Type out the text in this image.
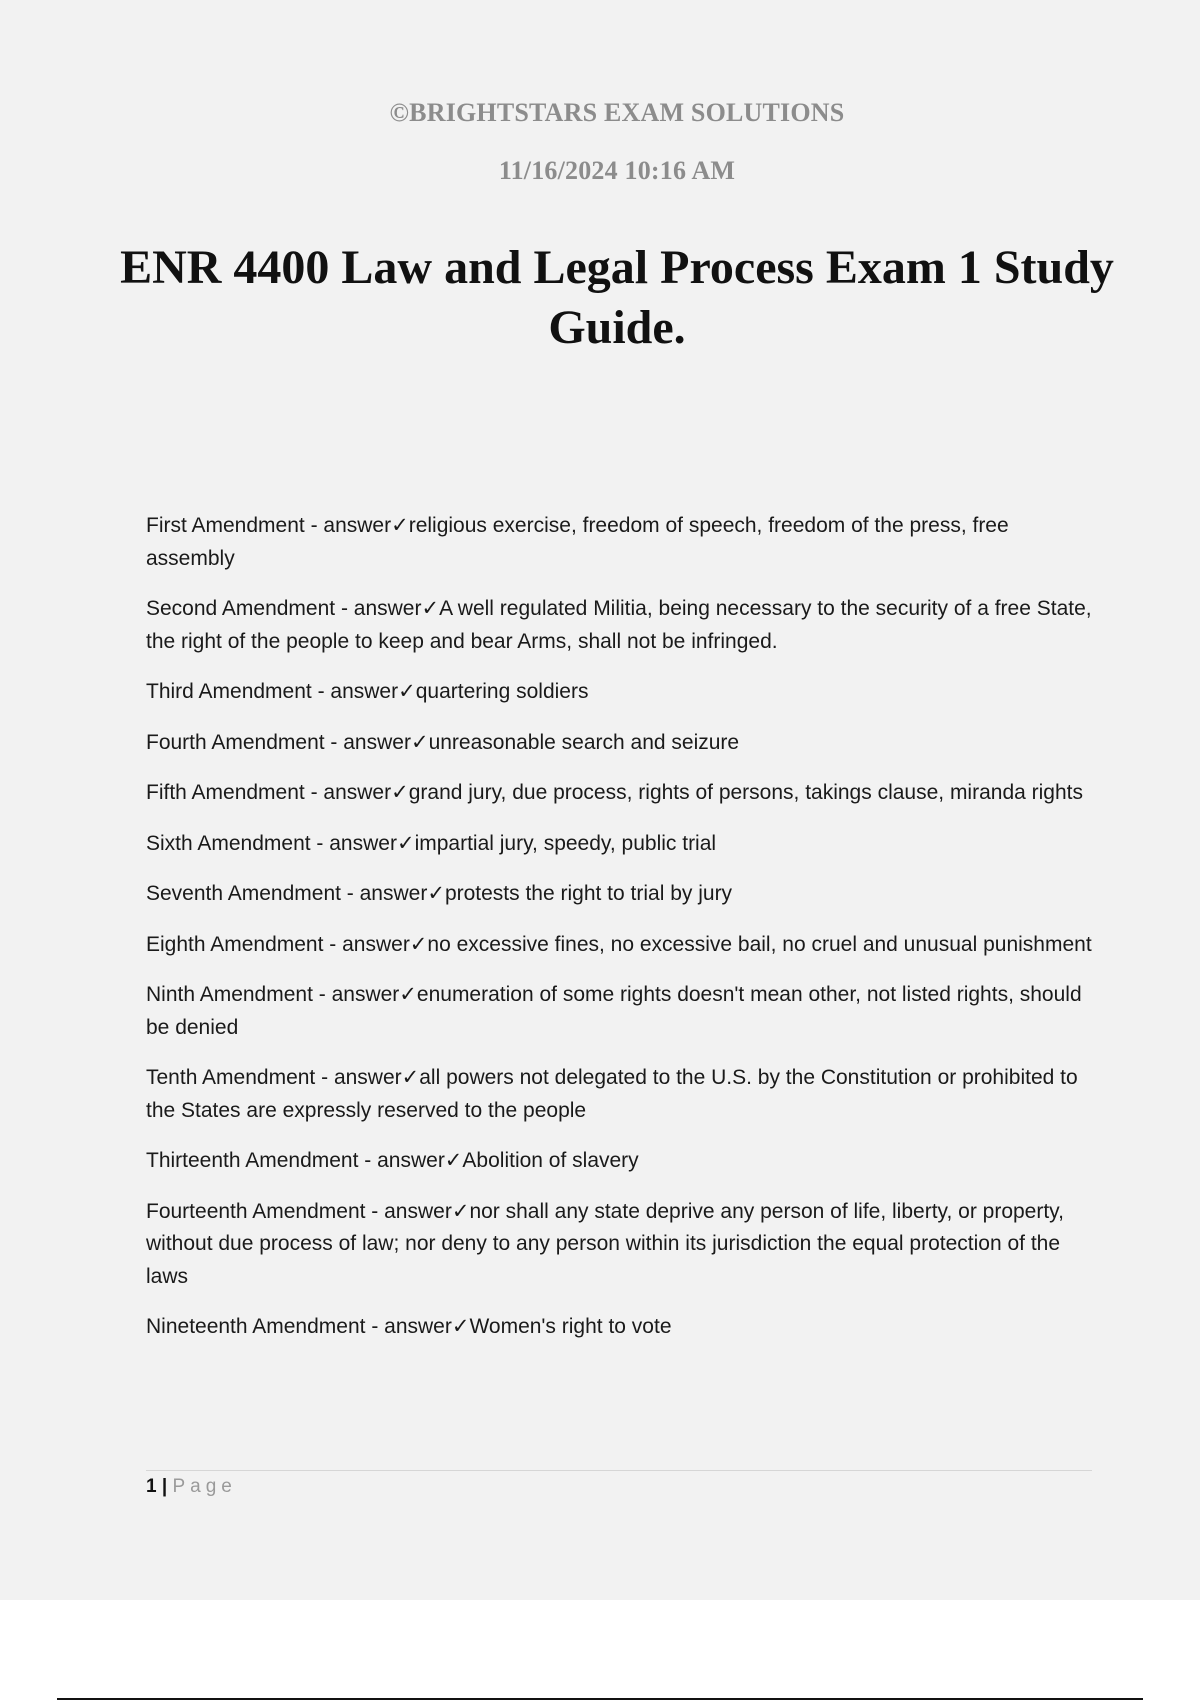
©BRIGHTSTARS EXAM SOLUTIONS
11/16/2024 10:16 AM
ENR 4400 Law and Legal Process Exam 1 Study Guide.
First Amendment - answer✓religious exercise, freedom of speech, freedom of the press, free assembly
Second Amendment - answer✓A well regulated Militia, being necessary to the security of a free State, the right of the people to keep and bear Arms, shall not be infringed.
Third Amendment - answer✓quartering soldiers
Fourth Amendment - answer✓unreasonable search and seizure
Fifth Amendment - answer✓grand jury, due process, rights of persons, takings clause, miranda rights
Sixth Amendment - answer✓impartial jury, speedy, public trial
Seventh Amendment - answer✓protests the right to trial by jury
Eighth Amendment - answer✓no excessive fines, no excessive bail, no cruel and unusual punishment
Ninth Amendment - answer✓enumeration of some rights doesn't mean other, not listed rights, should be denied
Tenth Amendment - answer✓all powers not delegated to the U.S. by the Constitution or prohibited to the States are expressly reserved to the people
Thirteenth Amendment - answer✓Abolition of slavery
Fourteenth Amendment - answer✓nor shall any state deprive any person of life, liberty, or property, without due process of law; nor deny to any person within its jurisdiction the equal protection of the laws
Nineteenth Amendment - answer✓Women's right to vote
1 | Page
